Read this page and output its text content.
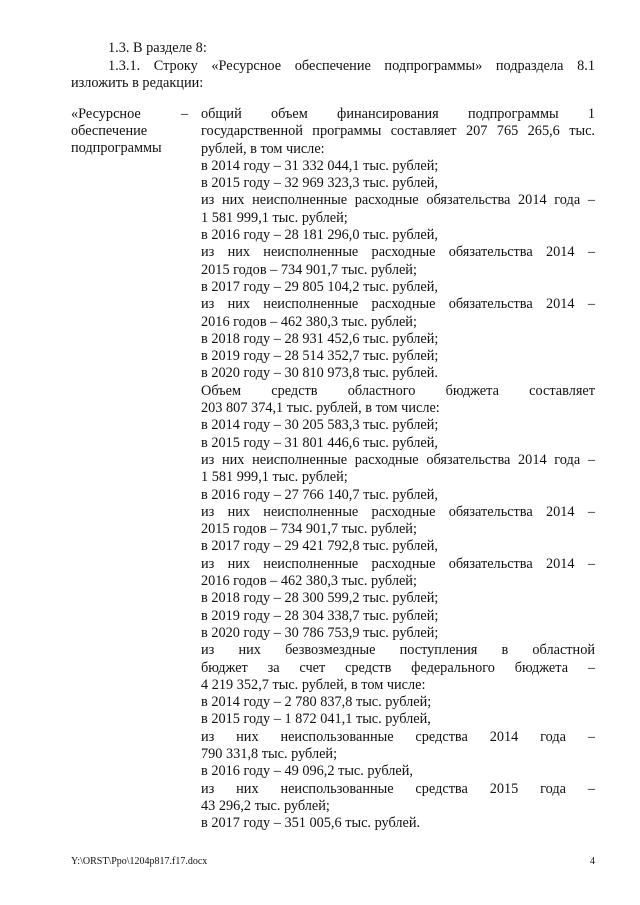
1.3. В разделе 8:
1.3.1. Строку «Ресурсное обеспечение подпрограммы» подраздела 8.1
изложить в редакции:
«Ресурсное
обеспечение
подпрограммы
– общий объем финансирования подпрограммы 1
государственной программы составляет 207 765 265,6 тыс.
рублей, в том числе:
в 2014 году – 31 332 044,1 тыс. рублей;
в 2015 году – 32 969 323,3 тыс. рублей,
из них неисполненные расходные обязательства 2014 года –
1 581 999,1 тыс. рублей;
в 2016 году – 28 181 296,0 тыс. рублей,
из них неисполненные расходные обязательства 2014 –
2015 годов – 734 901,7 тыс. рублей;
в 2017 году – 29 805 104,2 тыс. рублей,
из них неисполненные расходные обязательства 2014 –
2016 годов – 462 380,3 тыс. рублей;
в 2018 году – 28 931 452,6 тыс. рублей;
в 2019 году – 28 514 352,7 тыс. рублей;
в 2020 году – 30 810 973,8 тыс. рублей.
Объем средств областного бюджета составляет
203 807 374,1 тыс. рублей, в том числе:
в 2014 году – 30 205 583,3 тыс. рублей;
в 2015 году – 31 801 446,6 тыс. рублей,
из них неисполненные расходные обязательства 2014 года –
1 581 999,1 тыс. рублей;
в 2016 году – 27 766 140,7 тыс. рублей,
из них неисполненные расходные обязательства 2014 –
2015 годов – 734 901,7 тыс. рублей;
в 2017 году – 29 421 792,8 тыс. рублей,
из них неисполненные расходные обязательства 2014 –
2016 годов – 462 380,3 тыс. рублей;
в 2018 году – 28 300 599,2 тыс. рублей;
в 2019 году – 28 304 338,7 тыс. рублей;
в 2020 году – 30 786 753,9 тыс. рублей;
из них безвозмездные поступления в областной
бюджет за счет средств федерального бюджета –
4 219 352,7 тыс. рублей, в том числе:
в 2014 году – 2 780 837,8 тыс. рублей;
в 2015 году – 1 872 041,1 тыс. рублей,
из них неиспользованные средства 2014 года –
790 331,8 тыс. рублей;
в 2016 году – 49 096,2 тыс. рублей,
из них неиспользованные средства 2015 года –
43 296,2 тыс. рублей;
в 2017 году – 351 005,6 тыс. рублей.
Y:\ORST\Ppo\1204p817.f17.docx	4
